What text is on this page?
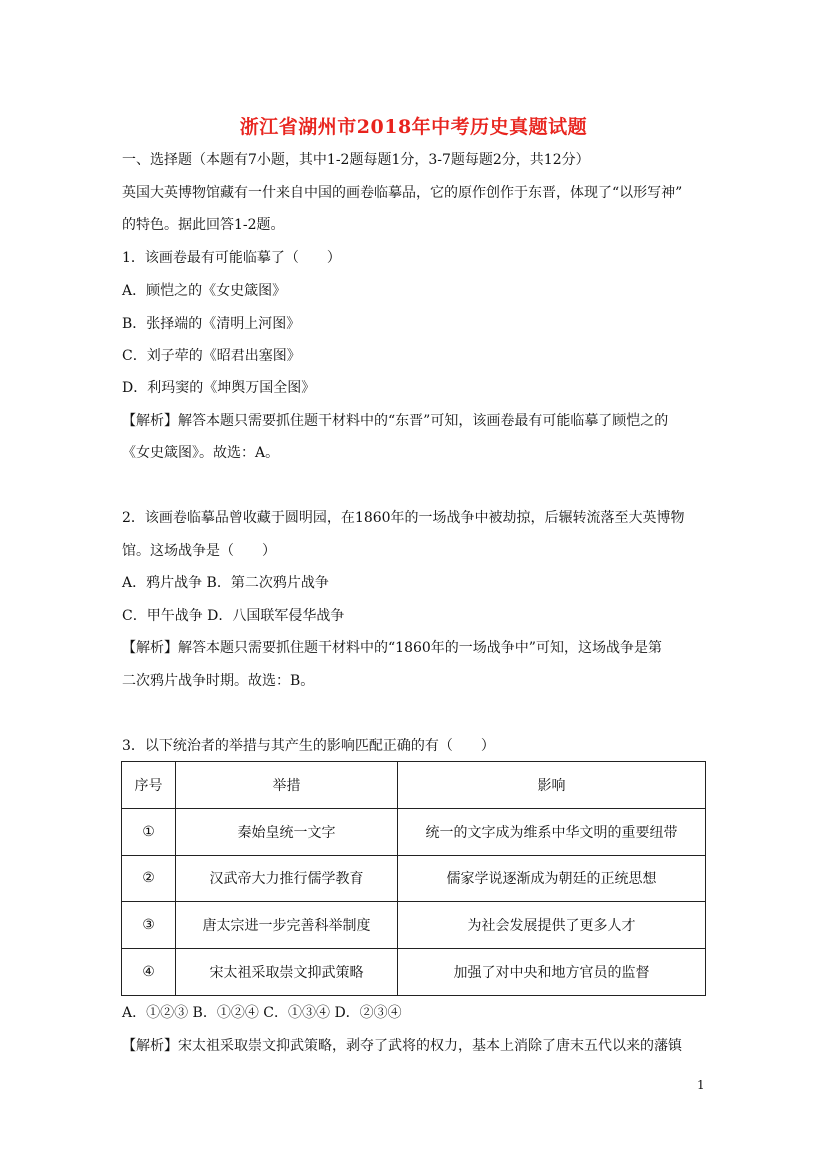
浙江省湖州市2018年中考历史真题试题
一、选择题（本题有7小题，其中1-2题每题1分，3-7题每题2分，共12分）
英国大英博物馆藏有一什来自中国的画卷临摹品，它的原作创作于东晋，体现了“以形写神”
的特色。据此回答1-2题。
1．该画卷最有可能临摹了（　　）
A．顾恺之的《女史箴图》
B．张择端的《清明上河图》
C．刘子荦的《昭君出塞图》
D．利玛窦的《坤舆万国全图》
【解析】解答本题只需要抓住题干材料中的“东晋”可知，该画卷最有可能临摹了顾恺之的
《女史箴图》。故选：A。
2．该画卷临摹品曾收藏于圆明园，在1860年的一场战争中被劫掠，后辗转流落至大英博物
馆。这场战争是（　　）
A．鸦片战争 B．第二次鸦片战争
C．甲午战争 D．八国联军侵华战争
【解析】解答本题只需要抓住题干材料中的“1860年的一场战争中”可知，这场战争是第
二次鸦片战争时期。故选：B。
3．以下统治者的举措与其产生的影响匹配正确的有（　　）
序号	举措	影响
①	秦始皇统一文字	统一的文字成为维系中华文明的重要纽带
②	汉武帝大力推行儒学教育	儒家学说逐渐成为朝廷的正统思想
③	唐太宗进一步完善科举制度	为社会发展提供了更多人才
④	宋太祖采取崇文抑武策略	加强了对中央和地方官员的监督
A．①②③ B．①②④ C．①③④ D．②③④
【解析】宋太祖采取崇文抑武策略，剥夺了武将的权力，基本上消除了唐末五代以来的藩镇
1
